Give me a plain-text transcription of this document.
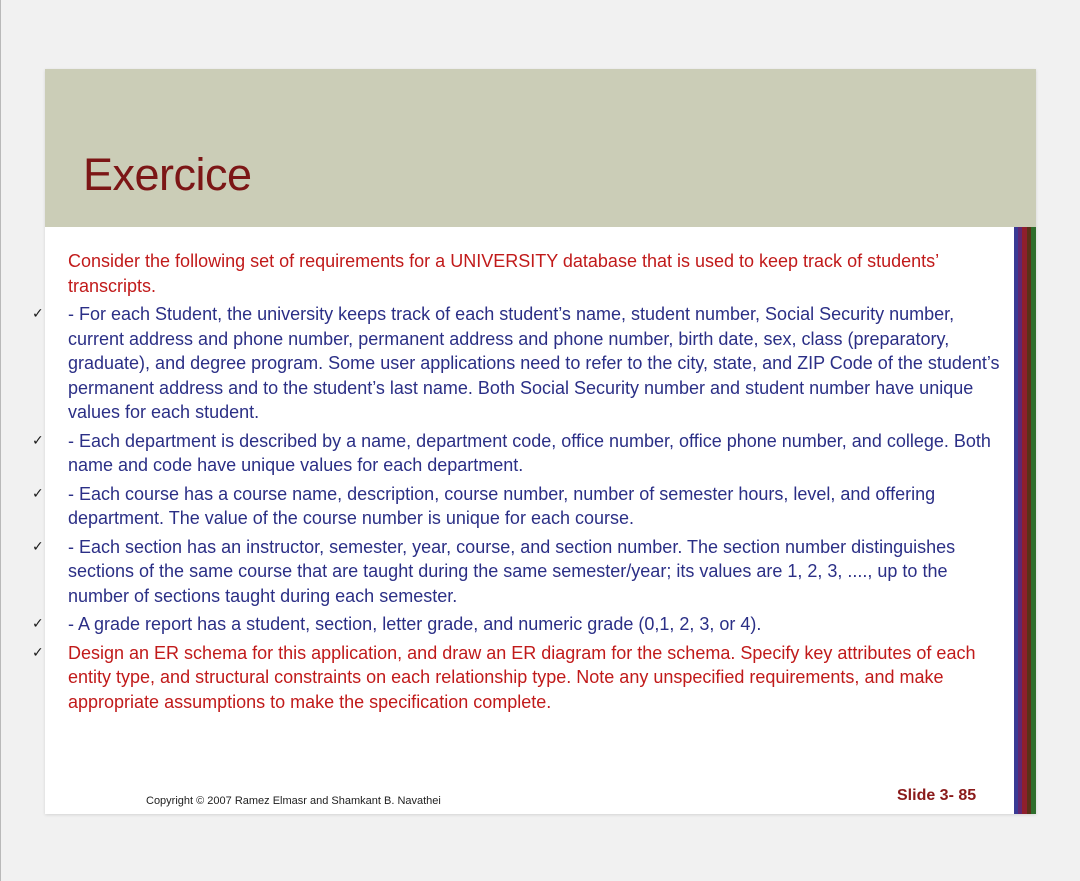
Exercice

Consider the following set of requirements for a UNIVERSITY database that is used to keep track of students’ transcripts.

✓ - For each Student, the university keeps track of each student’s name, student number, Social Security number, current address and phone number, permanent address and phone number, birth date, sex, class (preparatory, graduate), and degree program. Some user applications need to refer to the city, state, and ZIP Code of the student’s permanent address and to the student’s last name. Both Social Security number and student number have unique values for each student.
✓ - Each department is described by a name, department code, office number, office phone number, and college. Both name and code have unique values for each department.
✓ - Each course has a course name, description, course number, number of semester hours, level, and offering department. The value of the course number is unique for each course.
✓ - Each section has an instructor, semester, year, course, and section number. The section number distinguishes sections of the same course that are taught during the same semester/year; its values are 1, 2, 3, ...., up to the number of sections taught during each semester.
✓ - A grade report has a student, section, letter grade, and numeric grade (0,1, 2, 3, or 4).
✓ Design an ER schema for this application, and draw an ER diagram for the schema. Specify key attributes of each entity type, and structural constraints on each relationship type. Note any unspecified requirements, and make appropriate assumptions to make the specification complete.
Copyright © 2007 Ramez Elmasr and Shamkant B. Navathei	Slide 3- 85
